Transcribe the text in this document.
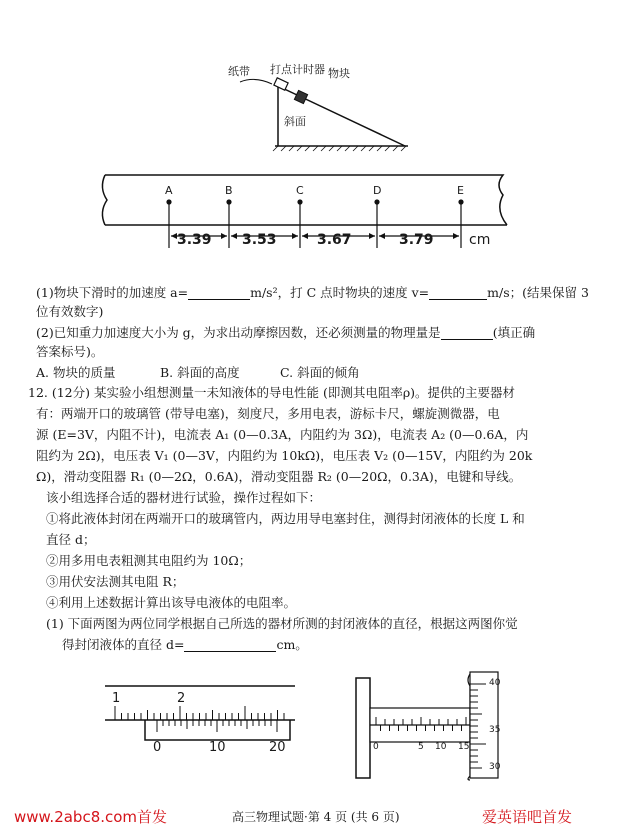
纸带 打点计时器 物块
斜面
A	B	C	D	E
3.39 3.53	3.67	3.79	cm
(1)物块下滑时的加速度 a=	m/s²，打 C 点时物块的速度 v=	m/s；(结果保留 3
位有效数字)
(2)已知重力加速度大小为 g，为求出动摩擦因数，还必须测量的物理量是	(填正确
答案标号)。
A. 物块的质量	B. 斜面的高度	C. 斜面的倾角
12. (12分) 某实验小组想测量一未知液体的导电性能 (即测其电阻率ρ)。提供的主要器材
有：两端开口的玻璃管 (带导电塞)，刻度尺，多用电表，游标卡尺，螺旋测微器，电
源 (E=3V，内阻不计)，电流表 A₁ (0—0.3A，内阻约为 3Ω)，电流表 A₂ (0—0.6A，内
阻约为 2Ω)，电压表 V₁ (0—3V，内阻约为 10kΩ)，电压表 V₂ (0—15V，内阻约为 20k
Ω)，滑动变阻器 R₁ (0—2Ω，0.6A)，滑动变阻器 R₂ (0—20Ω，0.3A)，电键和导线。
该小组选择合适的器材进行试验，操作过程如下：
①将此液体封闭在两端开口的玻璃管内，两边用导电塞封住，测得封闭液体的长度 L 和
直径 d；
②用多用电表粗测其电阻约为 10Ω；
③用伏安法测其电阻 R；
④利用上述数据计算出该导电液体的电阻率。
(1) 下面两图为两位同学根据自己所选的器材所测的封闭液体的直径，根据这两图你觉
得封闭液体的直径 d=	cm。
1	2
0	10	20	0	5 10 15
40
35
30
www.2abc8.com首发	高三物理试题·第 4 页 (共 6 页)	爱英语吧首发
